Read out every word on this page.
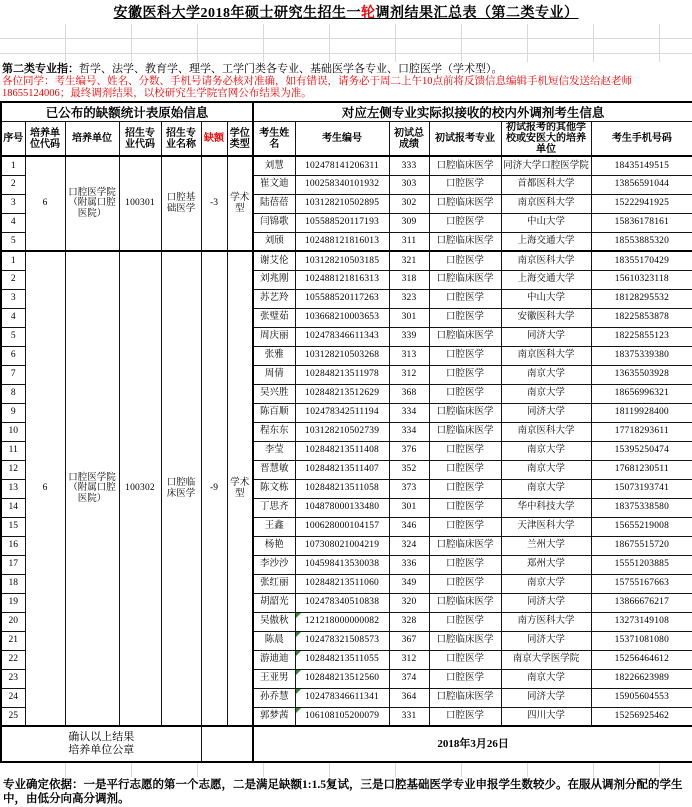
安徽医科大学2018年硕士研究生招生一轮调剂结果汇总表（第二类专业）
第二类专业指：哲学、法学、教育学、理学、工学门类各专业、基础医学各专业、口腔医学（学术型）。
各位同学：考生编号、姓名、分数、手机号请务必核对准确，如有错误，请务必于周二上午10点前将反馈信息编辑手机短信发送给赵老师18655124006；最终调剂结果，以校研究生学院官网公布结果为准。
已公布的缺额统计表原始信息							对应左侧专业实际拟接收的校内外调剂考生信息					
序号	培养单位代码	培养单位	招生专业代码	招生专业名称	缺额	学位类型	考生姓名	考生编号	初试总成绩	初试报考专业	初试报考的其他学校或安医大的培养单位	考生手机号码
1	6	口腔医学院（附属口腔医院）	100301	口腔基础医学	-3	学术型	刘慧	102478141206311	333	口腔临床医学	同济大学口腔医学院	18435149515
2							崔文迪	100258340101932	303	口腔医学	首都医科大学	13856591044
3							陆蓓蓓	103128210502895	302	口腔临床医学	南京医科大学	15222941925
4							闫锦歌	105588520117193	309	口腔医学	中山大学	15836178161
5							刘颀	102488121816013	311	口腔临床医学	上海交通大学	18553885320
1	6	口腔医学院（附属口腔医院）	100302	口腔临床医学	-9	学术型	谢艾伦	103128210503185	321	口腔医学	南京医科大学	18355170429
2							刘兆刚	102488121816313	318	口腔临床医学	上海交通大学	15610323118
3							苏艺羚	105588520117263	323	口腔医学	中山大学	18128295532
4							张璧茹	103668210003653	301	口腔医学	安徽医科大学	18225853878
5							周庆丽	102478346611343	339	口腔临床医学	同济大学	18225855123
6							张雅	103128210503268	313	口腔医学	南京医科大学	18375339380
7							周倩	102848213511978	312	口腔医学	南京大学	13635503928
8							吴兴胜	102848213512629	368	口腔医学	南京大学	18656996321
9							陈百顺	102478342511194	334	口腔临床医学	同济大学	18119928400
10							程东东	103128210502739	334	口腔临床医学	南京医科大学	17718293611
11							李莹	102848213511408	376	口腔医学	南京大学	15395250474
12							晋慧敏	102848213511407	352	口腔医学	南京大学	17681230511
13							陈文栋	102848213511058	373	口腔医学	南京大学	15073193741
14							丁思齐	104878000133480	301	口腔医学	华中科技大学	18375338580
15							王鑫	100628000104157	346	口腔医学	天津医科大学	15655219008
16							杨艳	107308021004219	324	口腔临床医学	兰州大学	18675515720
17							李沙沙	104598413530038	336	口腔医学	郑州大学	15551203885
18							张红丽	102848213511060	349	口腔医学	南京大学	15755167663
19							胡韶光	102478340510838	320	口腔临床医学	同济大学	13866676217
20							吴傲秋	121218000000082	328	口腔医学	南方医科大学	13273149108
21							陈晨	102478321508573	367	口腔临床医学	同济大学	15371081080
22							游迪迪	102848213511055	312	口腔医学	南京大学医学院	15256464612
23							王亚男	102848213512560	374	口腔医学	南京大学	18226623989
24							孙乔慧	102478346611341	364	口腔临床医学	同济大学	15905604553
25							郭梦茜	106108105200079	331	口腔医学	四川大学	15256925462

确认以上结果
培养单位公章							2018年3月26日					
专业确定依据：一是平行志愿的第一个志愿，二是满足缺额1:1.5复试，三是口腔基础医学专业申报学生数较少。在服从调剂分配的学生中，由低分向高分调剂。
